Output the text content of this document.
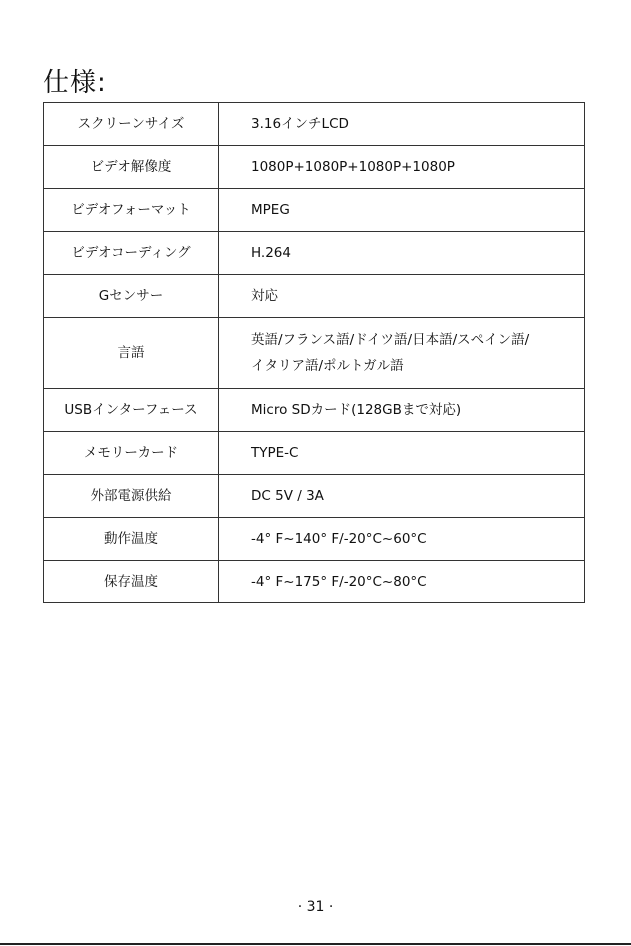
仕様:
スクリーンサイズ	3.16インチLCD
ビデオ解像度	1080P+1080P+1080P+1080P
ビデオフォーマット	MPEG
ビデオコーディング	H.264
Gセンサー	対応
言語	英語/フランス語/ドイツ語/日本語/スペイン語/
イタリア語/ポルトガル語
USBインターフェース	Micro SDカード(128GBまで対応)
メモリーカード	TYPE-C
外部電源供給	DC 5V / 3A
動作温度	-4° F~140° F/-20°C~60°C
保存温度	-4° F~175° F/-20°C~80°C
· 31 ·
